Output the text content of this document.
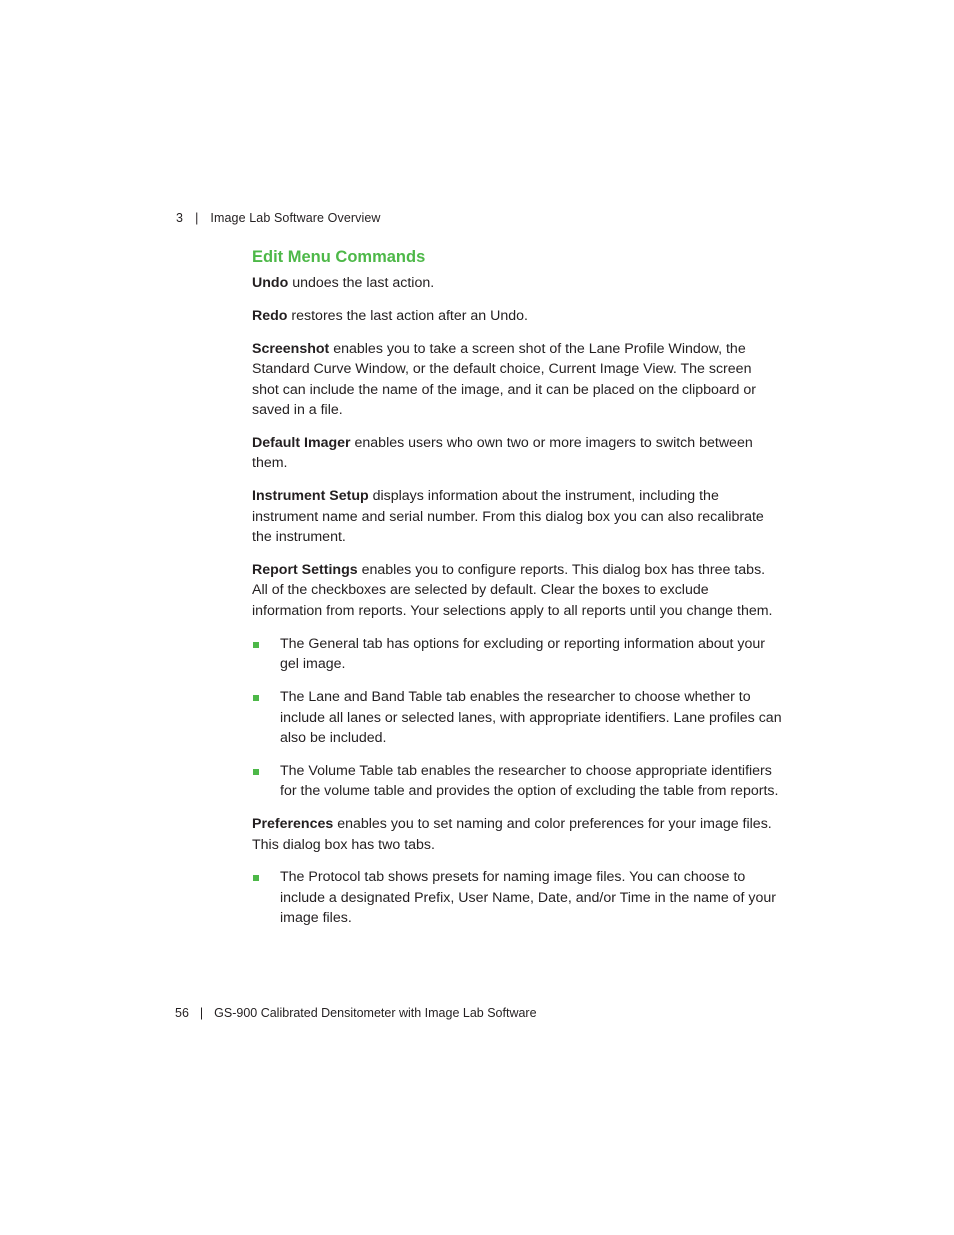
3 | Image Lab Software Overview
Edit Menu Commands

Undo undoes the last action.

Redo restores the last action after an Undo.

Screenshot enables you to take a screen shot of the Lane Profile Window, the Standard Curve Window, or the default choice, Current Image View. The screen shot can include the name of the image, and it can be placed on the clipboard or saved in a file.

Default Imager enables users who own two or more imagers to switch between them.

Instrument Setup displays information about the instrument, including the instrument name and serial number. From this dialog box you can also recalibrate the instrument.

Report Settings enables you to configure reports. This dialog box has three tabs. All of the checkboxes are selected by default. Clear the boxes to exclude information from reports. Your selections apply to all reports until you change them.

The General tab has options for excluding or reporting information about your gel image.
The Lane and Band Table tab enables the researcher to choose whether to include all lanes or selected lanes, with appropriate identifiers. Lane profiles can also be included.
The Volume Table tab enables the researcher to choose appropriate identifiers for the volume table and provides the option of excluding the table from reports.

Preferences enables you to set naming and color preferences for your image files. This dialog box has two tabs.

The Protocol tab shows presets for naming image files. You can choose to include a designated Prefix, User Name, Date, and/or Time in the name of your image files.
56 | GS-900 Calibrated Densitometer with Image Lab Software
